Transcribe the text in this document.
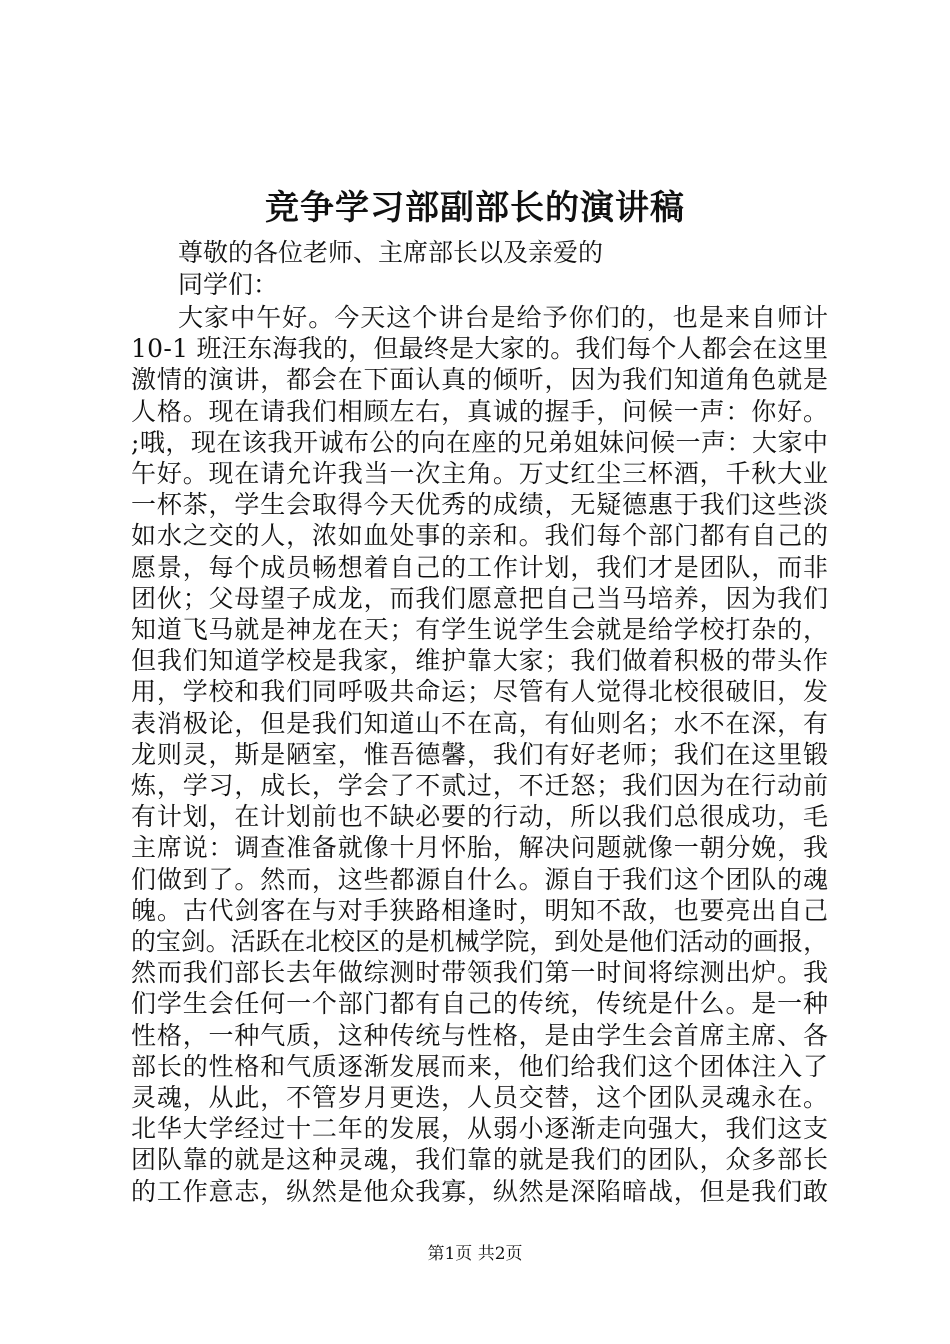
竞争学习部副部长的演讲稿
尊敬的各位老师、主席部长以及亲爱的
同学们：
大家中午好。今天这个讲台是给予你们的，也是来自师计
10-1 班汪东海我的，但最终是大家的。我们每个人都会在这里
激情的演讲，都会在下面认真的倾听，因为我们知道角色就是
人格。现在请我们相顾左右，真诚的握手，问候一声：你好。
;哦，现在该我开诚布公的向在座的兄弟姐妹问候一声：大家中
午好。现在请允许我当一次主角。万丈红尘三杯酒，千秋大业
一杯茶，学生会取得今天优秀的成绩，无疑德惠于我们这些淡
如水之交的人，浓如血处事的亲和。我们每个部门都有自己的
愿景，每个成员畅想着自己的工作计划，我们才是团队，而非
团伙；父母望子成龙，而我们愿意把自己当马培养，因为我们
知道飞马就是神龙在天；有学生说学生会就是给学校打杂的，
但我们知道学校是我家，维护靠大家；我们做着积极的带头作
用，学校和我们同呼吸共命运；尽管有人觉得北校很破旧，发
表消极论，但是我们知道山不在高，有仙则名；水不在深，有
龙则灵，斯是陋室，惟吾德馨，我们有好老师；我们在这里锻
炼，学习，成长，学会了不贰过，不迁怒；我们因为在行动前
有计划，在计划前也不缺必要的行动，所以我们总很成功，毛
主席说：调查准备就像十月怀胎，解决问题就像一朝分娩，我
们做到了。然而，这些都源自什么。源自于我们这个团队的魂
魄。古代剑客在与对手狭路相逢时，明知不敌，也要亮出自己
的宝剑。活跃在北校区的是机械学院，到处是他们活动的画报，
然而我们部长去年做综测时带领我们第一时间将综测出炉。我
们学生会任何一个部门都有自己的传统，传统是什么。是一种
性格，一种气质，这种传统与性格，是由学生会首席主席、各
部长的性格和气质逐渐发展而来，他们给我们这个团体注入了
灵魂，从此，不管岁月更迭，人员交替，这个团队灵魂永在。
北华大学经过十二年的发展，从弱小逐渐走向强大，我们这支
团队靠的就是这种灵魂，我们靠的就是我们的团队，众多部长
的工作意志，纵然是他众我寡，纵然是深陷暗战，但是我们敢
第1页 共2页
